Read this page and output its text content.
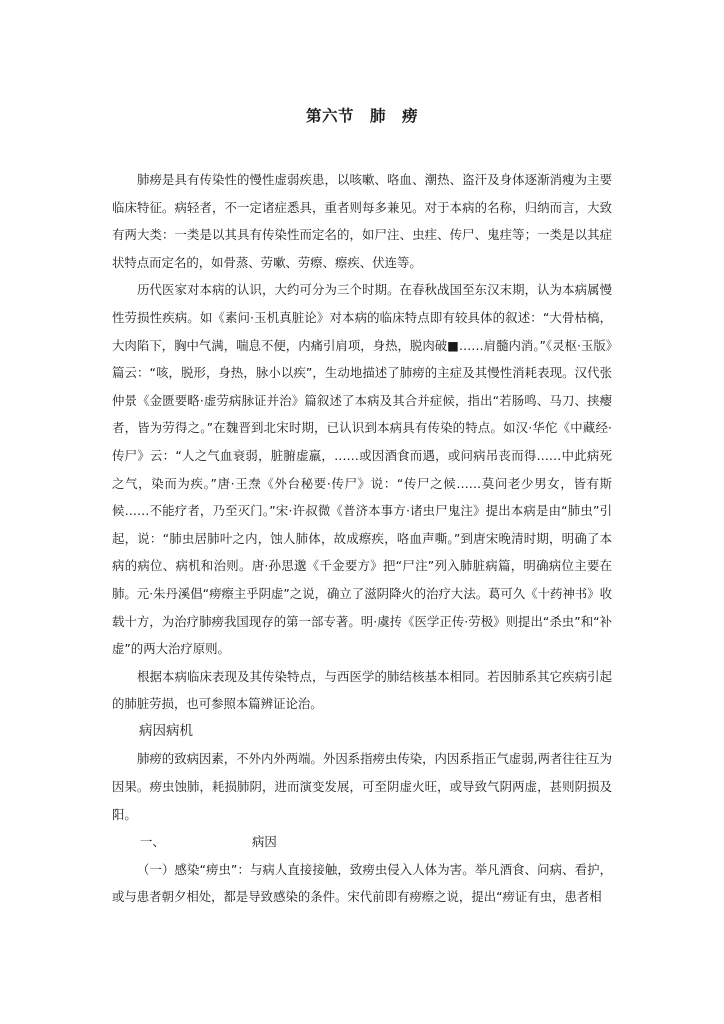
第六节　肺　痨

肺痨是具有传染性的慢性虚弱疾患，以咳嗽、咯血、潮热、盗汗及身体逐渐消瘦为主要临床特征。病轻者，不一定诸症悉具，重者则每多兼见。对于本病的名称，归纳而言，大致有两大类：一类是以其具有传染性而定名的，如尸注、虫疰、传尸、鬼疰等；一类是以其症状特点而定名的，如骨蒸、劳嗽、劳瘵、瘵疾、伏连等。

历代医家对本病的认识，大约可分为三个时期。在春秋战国至东汉末期，认为本病属慢性劳损性疾病。如《素问·玉机真脏论》对本病的临床特点即有较具体的叙述：“大骨枯槁，大肉陷下，胸中气满，喘息不便，内痛引肩项，身热，脱肉破■……肩髓内消。”《灵枢·玉版》篇云：“咳，脱形，身热，脉小以疾”，生动地描述了肺痨的主症及其慢性消耗表现。汉代张仲景《金匮要略·虚劳病脉证并治》篇叙述了本病及其合并症候，指出“若肠鸣、马刀、挟瘿者，皆为劳得之。”在魏晋到北宋时期，已认识到本病具有传染的特点。如汉·华佗《中藏经·传尸》云：“人之气血衰弱，脏腑虚羸，……或因酒食而遇，或问病吊丧而得……中此病死之气，染而为疾。”唐·王焘《外台秘要·传尸》说：“传尸之候……莫问老少男女，皆有斯候……不能疗者，乃至灭门。”宋·许叔微《普济本事方·诸虫尸鬼注》提出本病是由“肺虫”引起，说：“肺虫居肺叶之内，蚀人肺体，故成瘵疾，咯血声嘶。”到唐宋晚清时期，明确了本病的病位、病机和治则。唐·孙思邈《千金要方》把“尸注”列入肺脏病篇，明确病位主要在肺。元·朱丹溪倡“痨瘵主乎阴虚”之说，确立了滋阴降火的治疗大法。葛可久《十药神书》收载十方，为治疗肺痨我国现存的第一部专著。明·虞抟《医学正传·劳极》则提出“杀虫”和“补虚”的两大治疗原则。

根据本病临床表现及其传染特点，与西医学的肺结核基本相同。若因肺系其它疾病引起的肺脏劳损，也可参照本篇辨证论治。

病因病机

肺痨的致病因素，不外内外两端。外因系指痨虫传染，内因系指正气虚弱,两者往往互为因果。痨虫蚀肺，耗损肺阴，进而演变发展，可至阴虚火旺，或导致气阴两虚，甚则阴损及阳。

一、	病因

（一）感染“痨虫”：与病人直接接触，致痨虫侵入人体为害。举凡酒食、问病、看护，或与患者朝夕相处，都是导致感染的条件。宋代前即有痨瘵之说，提出“痨证有虫，患者相
